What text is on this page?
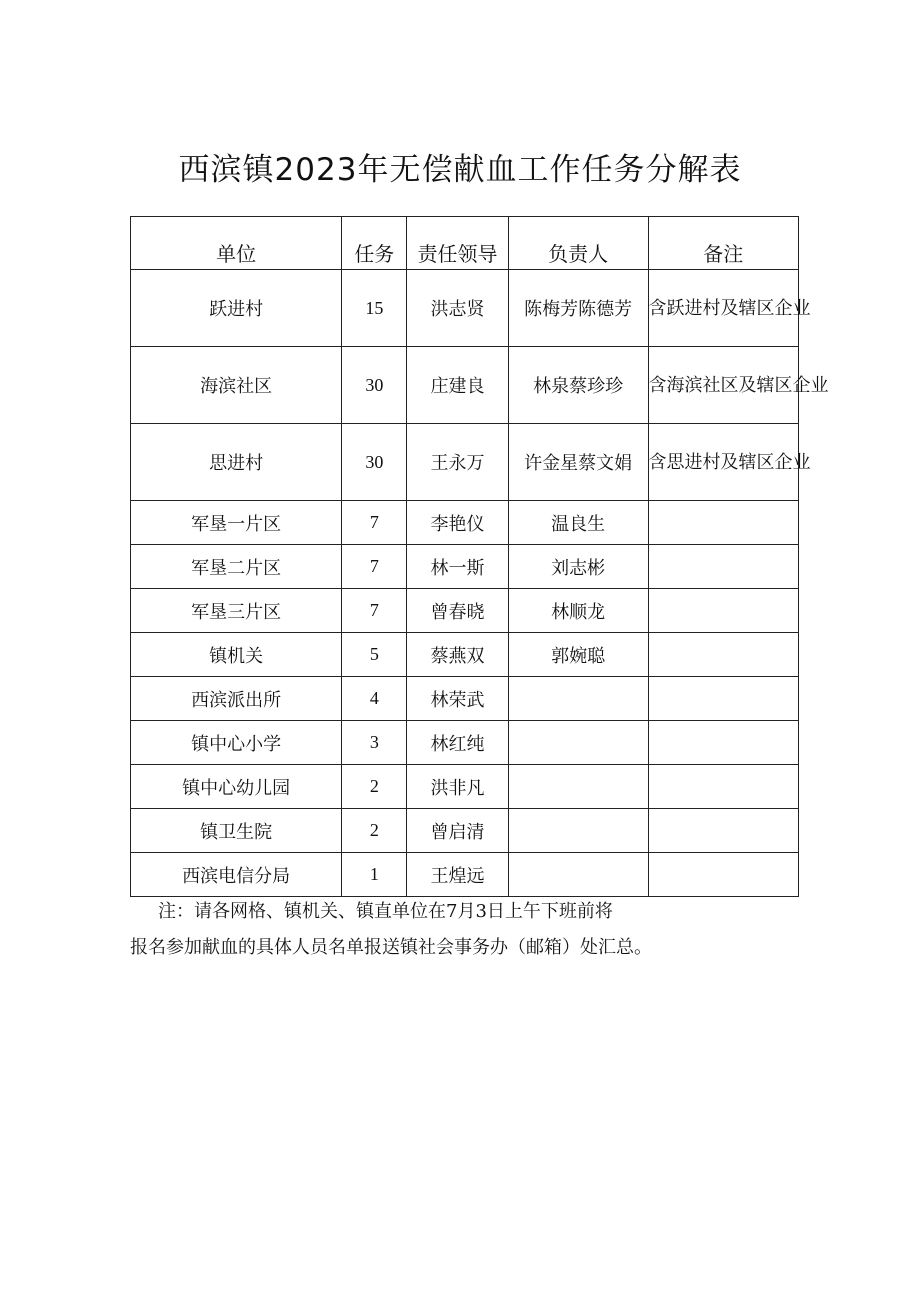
西滨镇2023年无偿献血工作任务分解表
单位	任务	责任领导	负责人	备注
跃进村	15	洪志贤	陈梅芳陈德芳	含跃进村及辖区企业
海滨社区	30	庄建良	林泉蔡珍珍	含海滨社区及辖区企业
思进村	30	王永万	许金星蔡文娟	含思进村及辖区企业
军垦一片区	7	李艳仪	温良生	
军垦二片区	7	林一斯	刘志彬	
军垦三片区	7	曾春晓	林顺龙	
镇机关	5	蔡燕双	郭婉聪	
西滨派出所	4	林荣武		
镇中心小学	3	林红纯		
镇中心幼儿园	2	洪非凡		
镇卫生院	2	曾启清		
西滨电信分局	1	王煌远		
注：请各网格、镇机关、镇直单位在7月3日上午下班前将
报名参加献血的具体人员名单报送镇社会事务办（邮箱）处汇总。
